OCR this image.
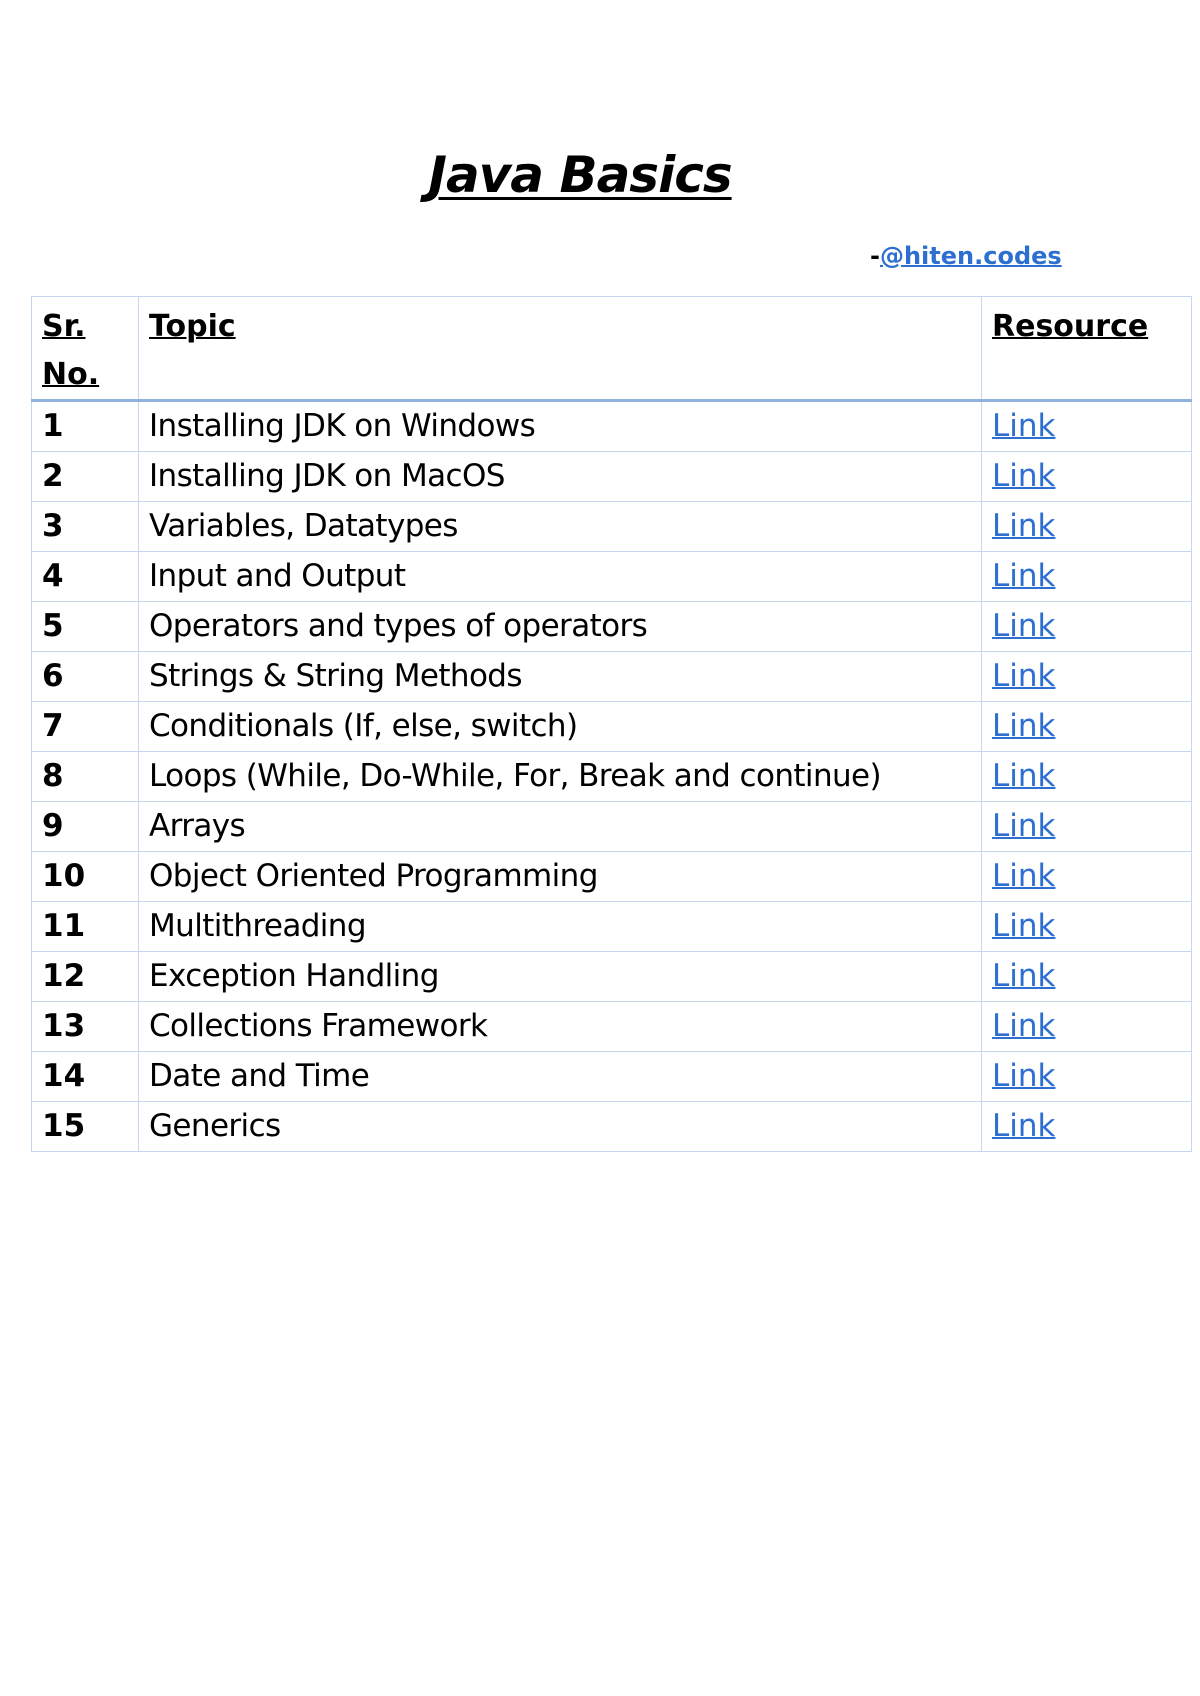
Java Basics
-@hiten.codes
Sr. No.	Topic	Resource
1	Installing JDK on Windows	Link
2	Installing JDK on MacOS	Link
3	Variables, Datatypes	Link
4	Input and Output	Link
5	Operators and types of operators	Link
6	Strings & String Methods	Link
7	Conditionals (If, else, switch)	Link
8	Loops (While, Do-While, For, Break and continue)	Link
9	Arrays	Link
10	Object Oriented Programming	Link
11	Multithreading	Link
12	Exception Handling	Link
13	Collections Framework	Link
14	Date and Time	Link
15	Generics	Link
